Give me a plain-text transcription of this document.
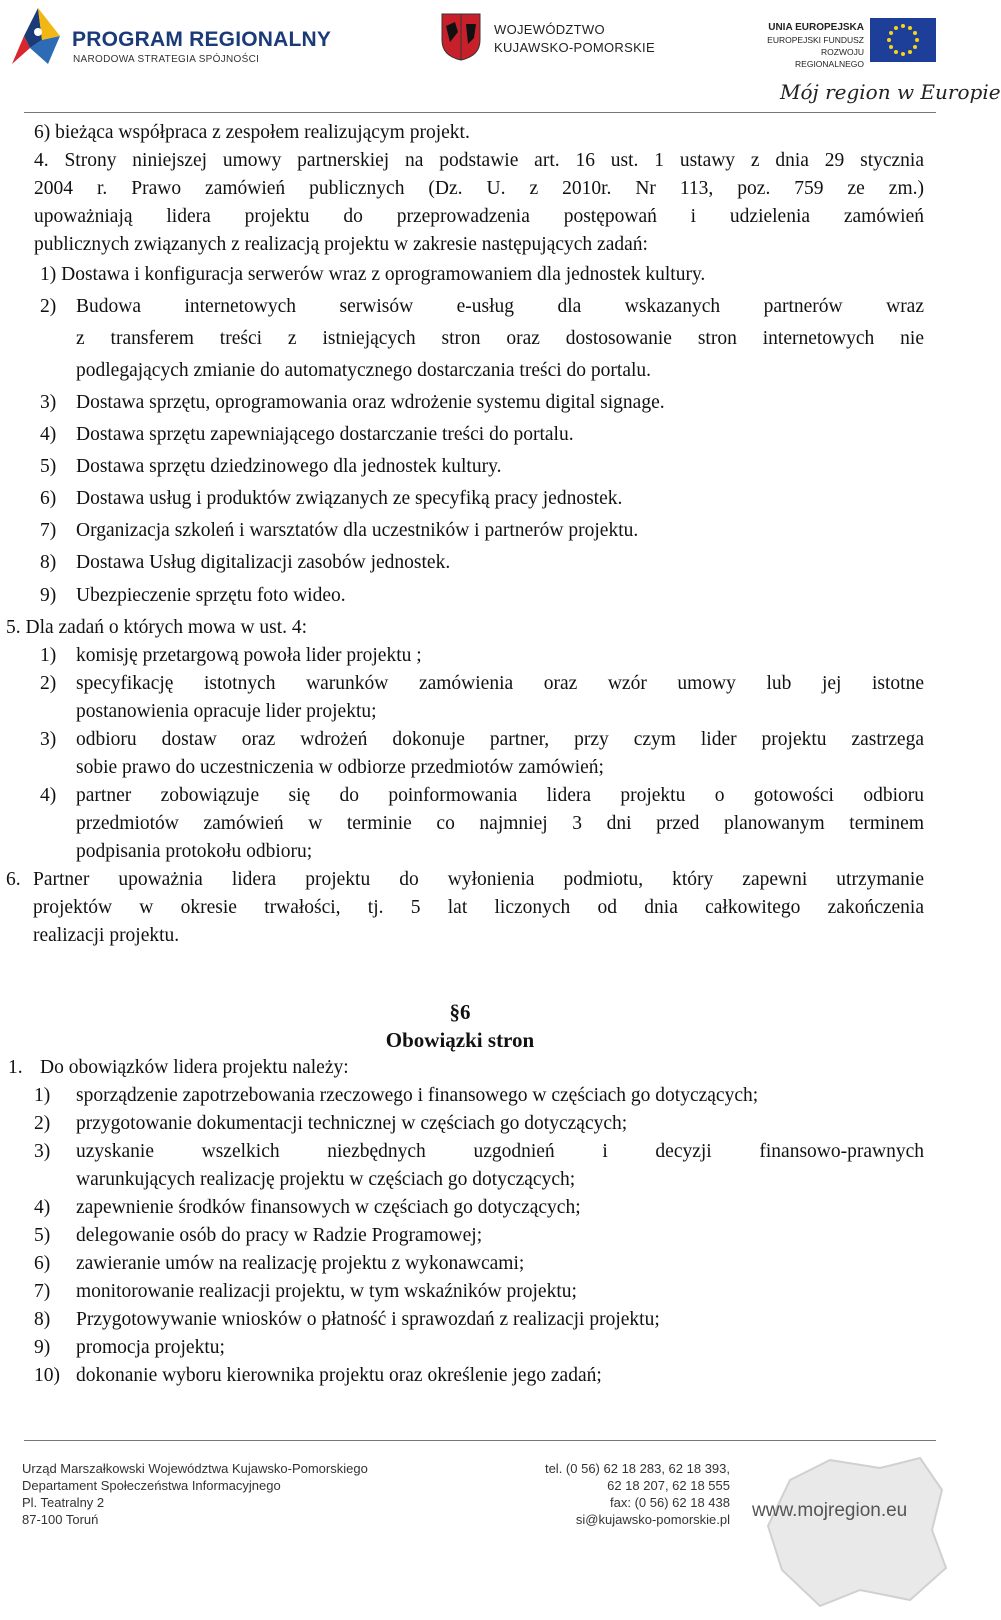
PROGRAM REGIONALNY
NARODOWA STRATEGIA SPÓJNOŚCI
WOJEWÓDZTWO
KUJAWSKO-POMORSKIE
UNIA EUROPEJSKA
EUROPEJSKI FUNDUSZ
ROZWOJU REGIONALNEGO
Mój region w Europie
6) bieżąca współpraca z zespołem realizującym projekt.
4. Strony niniejszej umowy partnerskiej na podstawie art. 16 ust. 1 ustawy z dnia 29 stycznia
2004 r. Prawo zamówień publicznych (Dz. U. z 2010r. Nr 113, poz. 759 ze zm.)
upoważniają lidera projektu do przeprowadzenia postępowań i udzielenia zamówień
publicznych związanych z realizacją projektu w zakresie następujących zadań:
1) Dostawa i konfiguracja serwerów wraz z oprogramowaniem dla jednostek kultury.
2) Budowa internetowych serwisów e-usług dla wskazanych partnerów wraz
z transferem treści z istniejących stron oraz dostosowanie stron internetowych nie
podlegających zmianie do automatycznego dostarczania treści do portalu.
3) Dostawa sprzętu, oprogramowania oraz wdrożenie systemu digital signage.
4) Dostawa sprzętu zapewniającego dostarczanie treści do portalu.
5) Dostawa sprzętu dziedzinowego dla jednostek kultury.
6) Dostawa usług i produktów związanych ze specyfiką pracy jednostek.
7) Organizacja szkoleń i warsztatów dla uczestników i partnerów projektu.
8) Dostawa Usług digitalizacji zasobów jednostek.
9) Ubezpieczenie sprzętu foto wideo.
5. Dla zadań o których mowa w ust. 4:
1) komisję przetargową powoła lider projektu ;
2) specyfikację istotnych warunków zamówienia oraz wzór umowy lub jej istotne
postanowienia opracuje lider projektu;
3) odbioru dostaw oraz wdrożeń dokonuje partner, przy czym lider projektu zastrzega
sobie prawo do uczestniczenia w odbiorze przedmiotów zamówień;
4) partner zobowiązuje się do poinformowania lidera projektu o gotowości odbioru
przedmiotów zamówień w terminie co najmniej 3 dni przed planowanym terminem
podpisania protokołu odbioru;
6. Partner upoważnia lidera projektu do wyłonienia podmiotu, który zapewni utrzymanie
projektów w okresie trwałości, tj. 5 lat liczonych od dnia całkowitego zakończenia
realizacji projektu.
§6
Obowiązki stron
1. Do obowiązków lidera projektu należy:
1) sporządzenie zapotrzebowania rzeczowego i finansowego w częściach go dotyczących;
2) przygotowanie dokumentacji technicznej w częściach go dotyczących;
3) uzyskanie wszelkich niezbędnych uzgodnień i decyzji finansowo-prawnych
warunkujących realizację projektu w częściach go dotyczących;
4) zapewnienie środków finansowych w częściach go dotyczących;
5) delegowanie osób do pracy w Radzie Programowej;
6) zawieranie umów na realizację projektu z wykonawcami;
7) monitorowanie realizacji projektu, w tym wskaźników projektu;
8) Przygotowywanie wniosków o płatność i sprawozdań z realizacji projektu;
9) promocja projektu;
10) dokonanie wyboru kierownika projektu oraz określenie jego zadań;
Urząd Marszałkowski Województwa Kujawsko-Pomorskiego
Departament Społeczeństwa Informacyjnego
Pl. Teatralny 2
87-100 Toruń
tel. (0 56) 62 18 283, 62 18 393,
62 18 207, 62 18 555
fax: (0 56) 62 18 438
si@kujawsko-pomorskie.pl www.mojregion.eu
